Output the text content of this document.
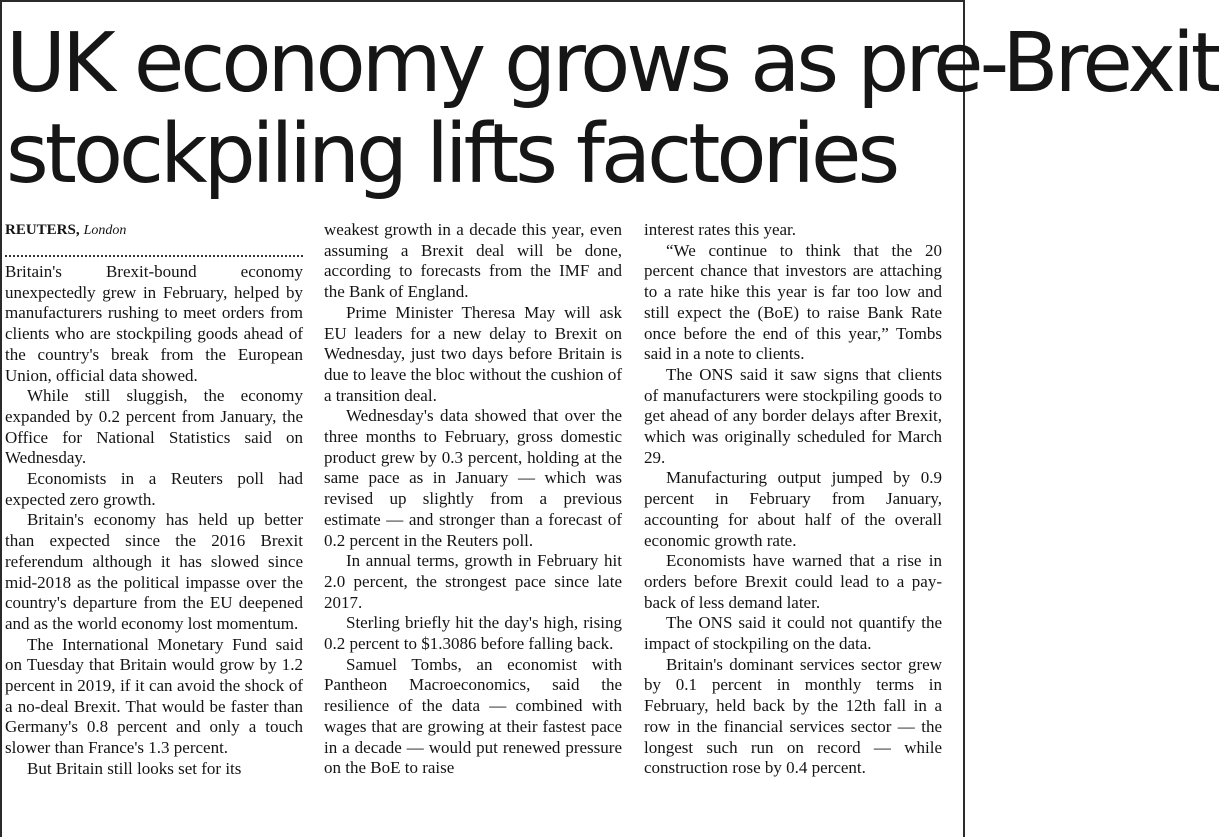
UK economy grows as pre-Brexit
stockpiling lifts factories
REUTERS, London

Britain's Brexit-bound economy unexpectedly grew in February, helped by manufacturers rushing to meet orders from clients who are stockpiling goods ahead of the country's break from the European Union, official data showed.

While still sluggish, the economy expanded by 0.2 percent from January, the Office for National Statistics said on Wednesday.

Economists in a Reuters poll had expected zero growth.

Britain's economy has held up better than expected since the 2016 Brexit referendum although it has slowed since mid-2018 as the political impasse over the country's departure from the EU deepened and as the world economy lost momentum.

The International Monetary Fund said on Tuesday that Britain would grow by 1.2 percent in 2019, if it can avoid the shock of a no-deal Brexit. That would be faster than Germany's 0.8 percent and only a touch slower than France's 1.3 percent.

But Britain still looks set for its

weakest growth in a decade this year, even assuming a Brexit deal will be done, according to forecasts from the IMF and the Bank of England.

Prime Minister Theresa May will ask EU leaders for a new delay to Brexit on Wednesday, just two days before Britain is due to leave the bloc without the cushion of a transition deal.

Wednesday's data showed that over the three months to February, gross domestic product grew by 0.3 percent, holding at the same pace as in January — which was revised up slightly from a previous estimate — and stronger than a forecast of 0.2 percent in the Reuters poll.

In annual terms, growth in February hit 2.0 percent, the strongest pace since late 2017.

Sterling briefly hit the day's high, rising 0.2 percent to $1.3086 before falling back.

Samuel Tombs, an economist with Pantheon Macroeconomics, said the resilience of the data — combined with wages that are growing at their fastest pace in a decade — would put renewed pressure on the BoE to raise

interest rates this year.

“We continue to think that the 20 percent chance that investors are attaching to a rate hike this year is far too low and still expect the (BoE) to raise Bank Rate once before the end of this year,” Tombs said in a note to clients.

The ONS said it saw signs that clients of manufacturers were stockpiling goods to get ahead of any border delays after Brexit, which was originally scheduled for March 29.

Manufacturing output jumped by 0.9 percent in February from January, accounting for about half of the overall economic growth rate.

Economists have warned that a rise in orders before Brexit could lead to a pay-back of less demand later.

The ONS said it could not quantify the impact of stockpiling on the data.

Britain's dominant services sector grew by 0.1 percent in monthly terms in February, held back by the 12th fall in a row in the financial services sector — the longest such run on record — while construction rose by 0.4 percent.
